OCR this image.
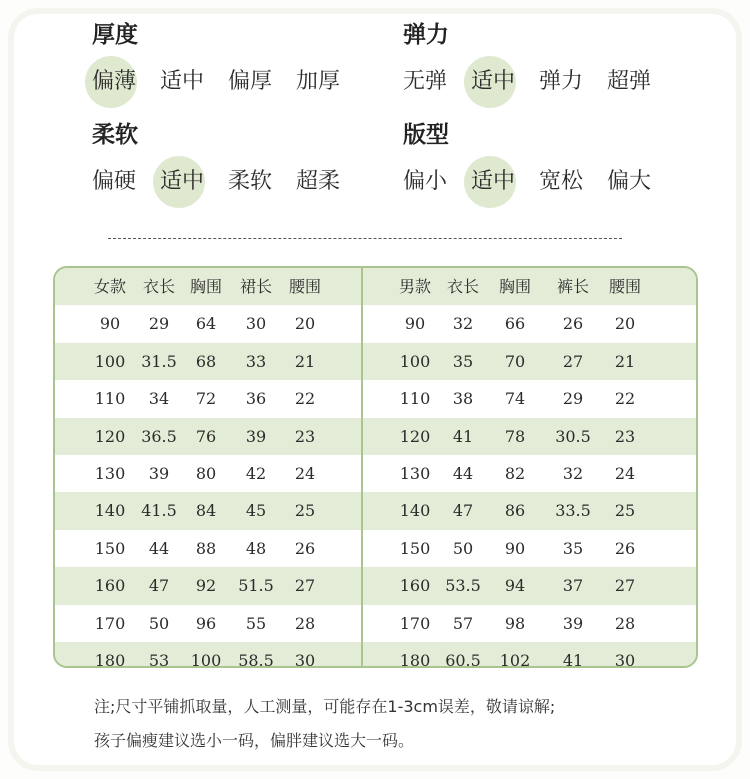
厚度
偏薄 适中 偏厚 加厚
弹力
无弹 适中 弹力 超弹
柔软
偏硬 适中 柔软 超柔
版型
偏小 适中 宽松 偏大
女款 衣长 胸围 裙长 腰围
90 29 64 30 20
100 31.5 68 33 21
110 34 72 36 22
120 36.5 76 39 23
130 39 80 42 24
140 41.5 84 45 25
150 44 88 48 26
160 47 92 51.5 27
170 50 96 55 28
180 53 100 58.5 30
男款 衣长 胸围 裤长 腰围
90 32 66 26 20
100 35 70 27 21
110 38 74 29 22
120 41 78 30.5 23
130 44 82 32 24
140 47 86 33.5 25
150 50 90 35 26
160 53.5 94 37 27
170 57 98 39 28
180 60.5 102 41 30
注;尺寸平铺抓取量，人工测量，可能存在1-3cm误差，敬请谅解;
孩子偏瘦建议选小一码，偏胖建议选大一码。
